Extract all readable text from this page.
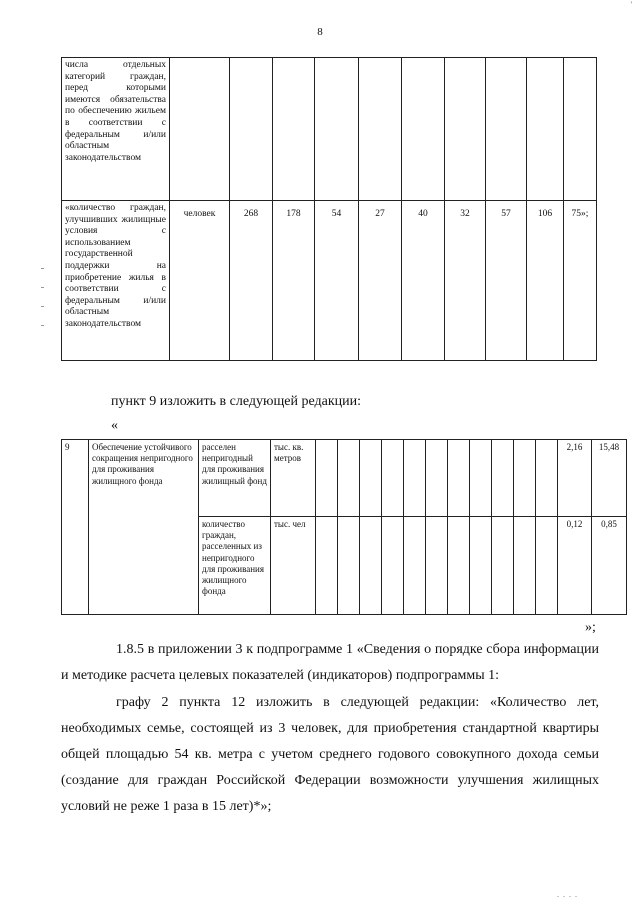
8
'
числа отдельных категорий граждан, перед которыми имеются обязательства по обеспечению жильем в соответствии с федеральным и/или областным законодательством										
«количество граждан, улучшивших жилищные условия с использованием государственной поддержки на приобретение жилья в соответствии с федеральным и/или областным законодательством	человек	268	178	54	27	40	32	57	106	75»;
пункт 9 изложить в следующей редакции:
«
9	Обеспечение устойчивого сокращения непригодного для проживания жилищного фонда	расселен непригодный для проживания жилищный фонд	тыс. кв. метров												2,16	15,48
		количество граждан, расселенных из непригодного для проживания жилищного фонда	тыс. чел												0,12	0,85
»;
1.8.5 в приложении 3 к подпрограмме 1 «Сведения о порядке сбора информации и методике расчета целевых показателей (индикаторов) подпрограммы 1:
графу 2 пункта 12 изложить в следующей редакции: «Количество лет, необходимых семье, состоящей из 3 человек, для приобретения стандартной квартиры общей площадью 54 кв. метра с учетом среднего годового совокупного дохода семьи (создание для граждан Российской Федерации возможности улучшения жилищных условий не реже 1 раза в 15 лет)*»;
. . . .
